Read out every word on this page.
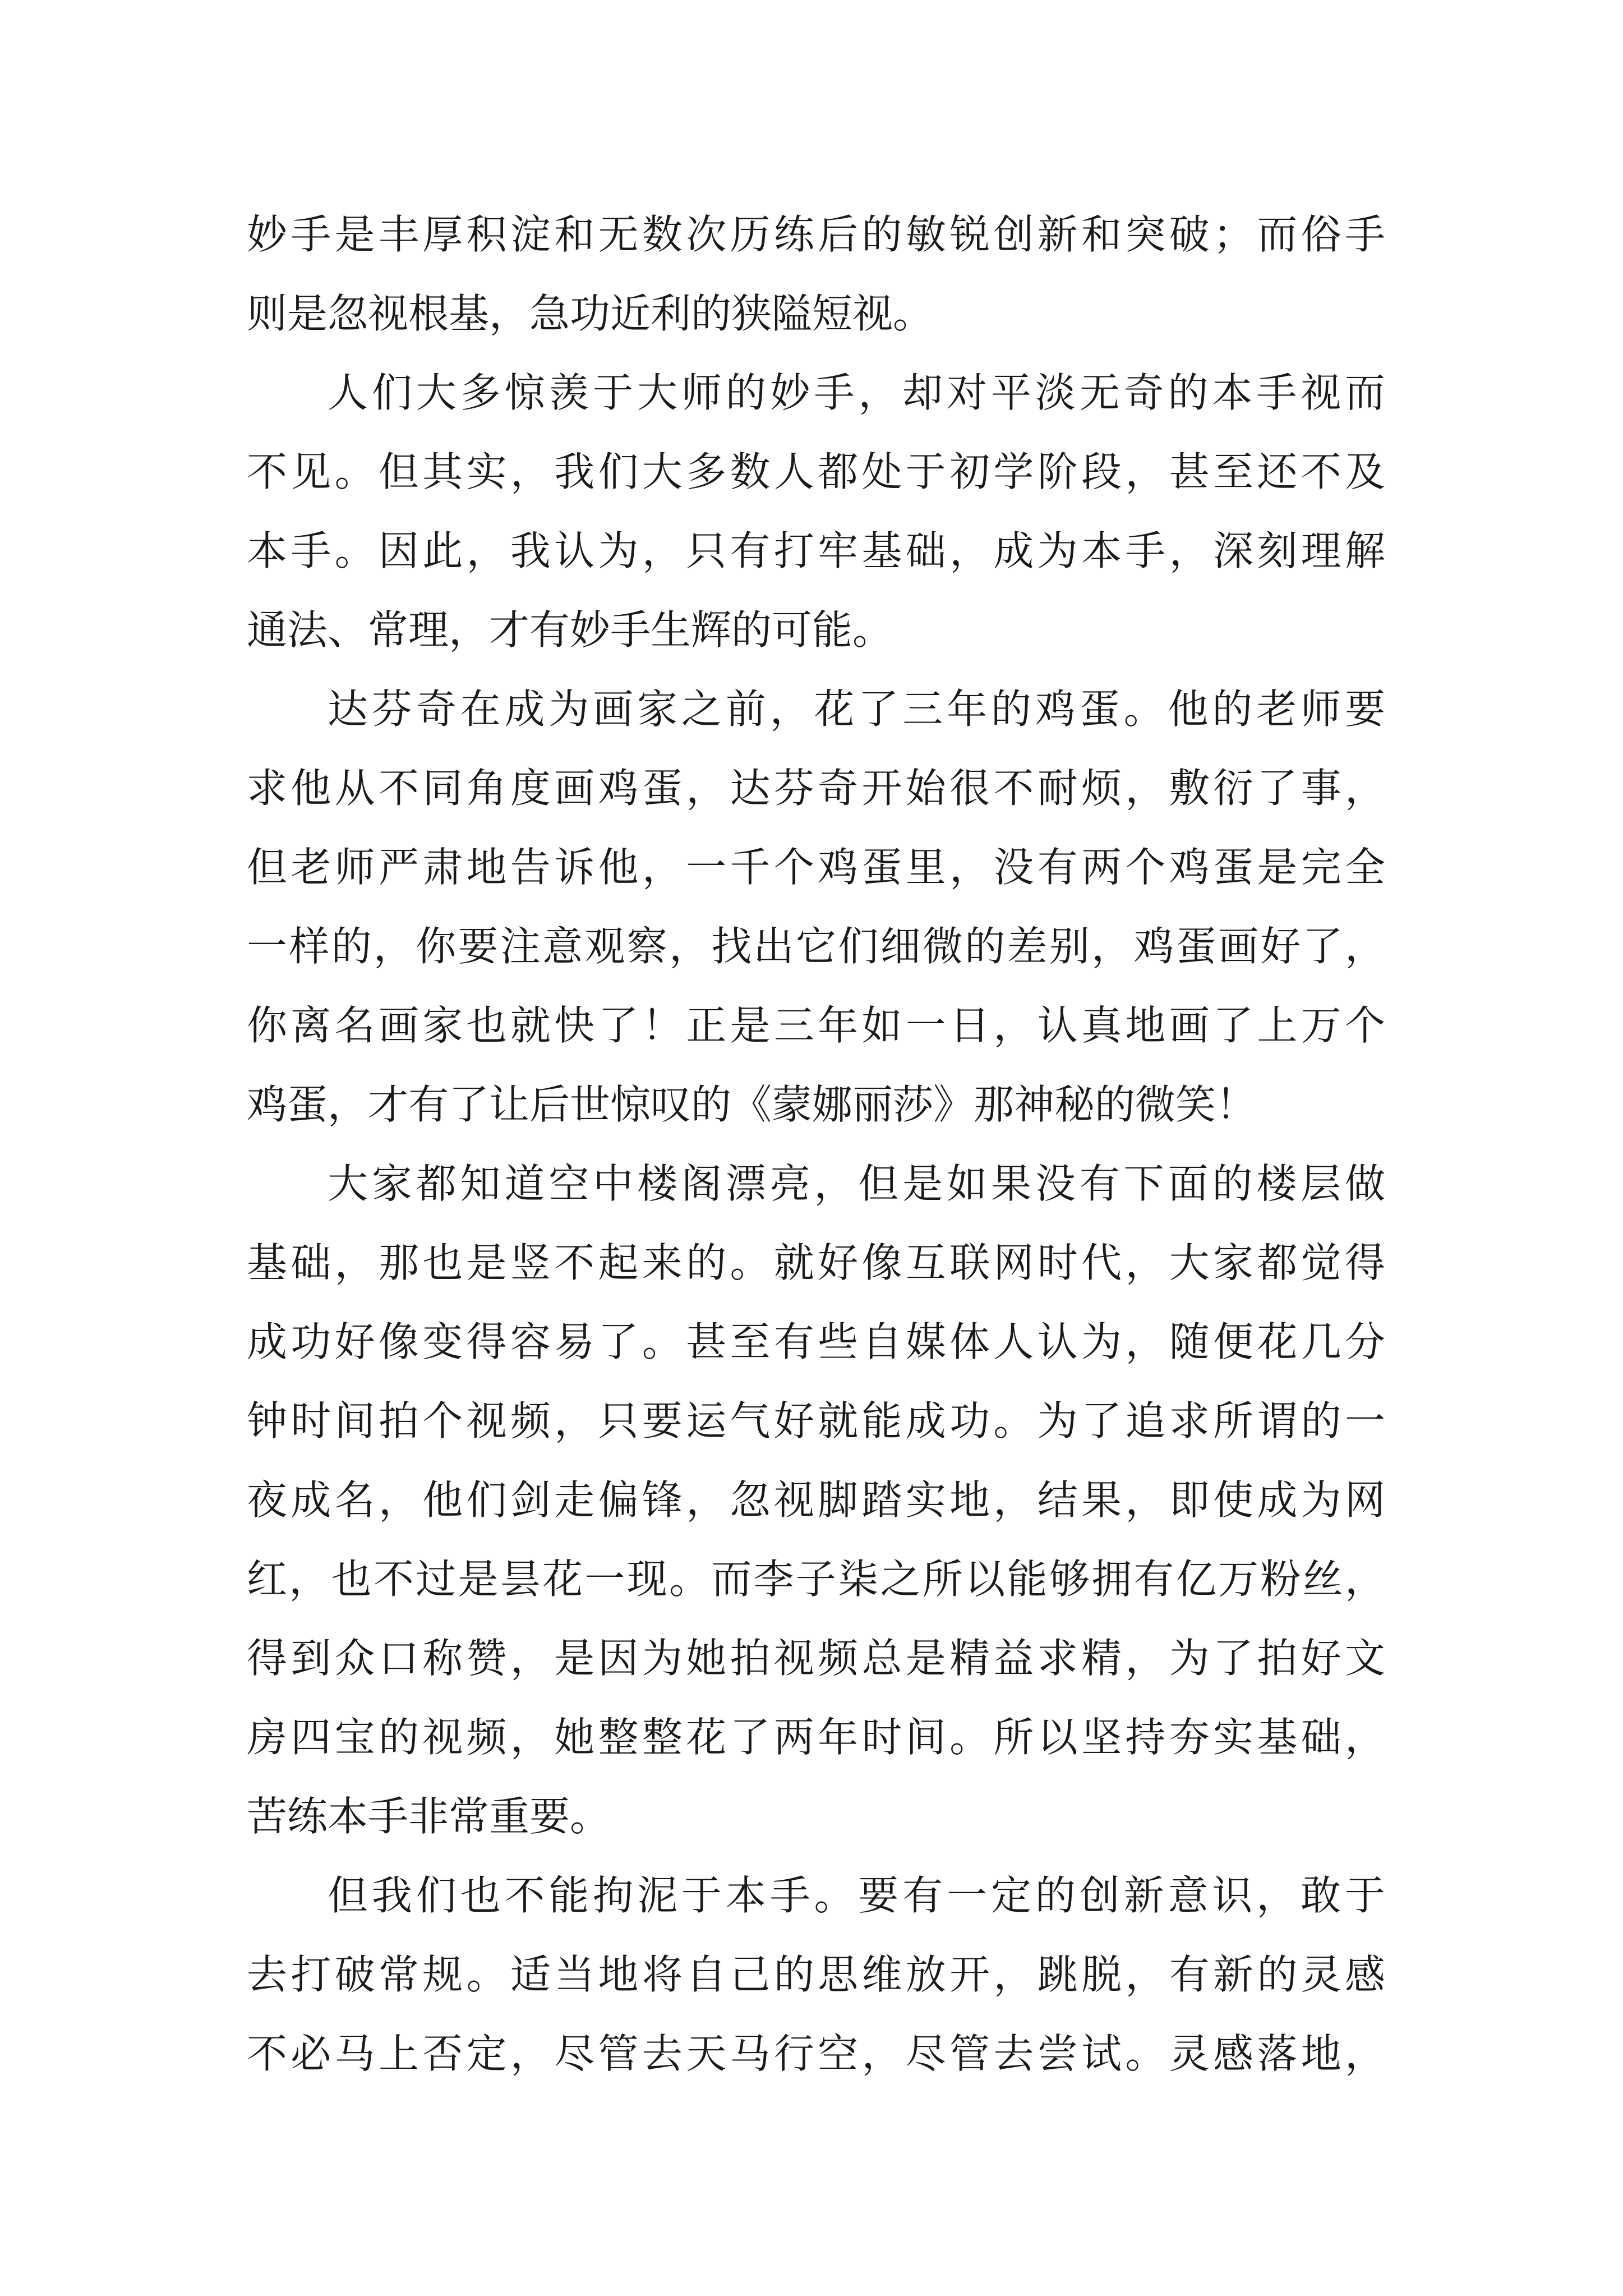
妙手是丰厚积淀和无数次历练后的敏锐创新和突破；而俗手
则是忽视根基，急功近利的狭隘短视。
人们大多惊羡于大师的妙手，却对平淡无奇的本手视而
不见。但其实，我们大多数人都处于初学阶段，甚至还不及
本手。因此，我认为，只有打牢基础，成为本手，深刻理解
通法、常理，才有妙手生辉的可能。
达芬奇在成为画家之前，花了三年的鸡蛋。他的老师要
求他从不同角度画鸡蛋，达芬奇开始很不耐烦，敷衍了事，
但老师严肃地告诉他，一千个鸡蛋里，没有两个鸡蛋是完全
一样的，你要注意观察，找出它们细微的差别，鸡蛋画好了，
你离名画家也就快了！正是三年如一日，认真地画了上万个
鸡蛋，才有了让后世惊叹的《蒙娜丽莎》那神秘的微笑！
大家都知道空中楼阁漂亮，但是如果没有下面的楼层做
基础，那也是竖不起来的。就好像互联网时代，大家都觉得
成功好像变得容易了。甚至有些自媒体人认为，随便花几分
钟时间拍个视频，只要运气好就能成功。为了追求所谓的一
夜成名，他们剑走偏锋，忽视脚踏实地，结果，即使成为网
红，也不过是昙花一现。而李子柒之所以能够拥有亿万粉丝，
得到众口称赞，是因为她拍视频总是精益求精，为了拍好文
房四宝的视频，她整整花了两年时间。所以坚持夯实基础，
苦练本手非常重要。
但我们也不能拘泥于本手。要有一定的创新意识，敢于
去打破常规。适当地将自己的思维放开，跳脱，有新的灵感
不必马上否定，尽管去天马行空，尽管去尝试。灵感落地，
